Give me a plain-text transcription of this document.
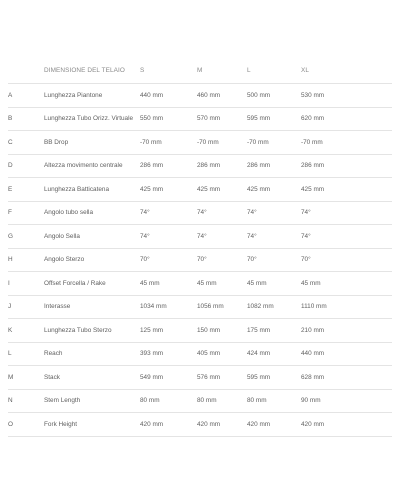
	DIMENSIONE DEL TELAIO	S	M	L	XL
A	Lunghezza Piantone	440 mm	460 mm	500 mm	530 mm
B	Lunghezza Tubo Orizz. Virtuale	550 mm	570 mm	595 mm	620 mm
C	BB Drop	-70 mm	-70 mm	-70 mm	-70 mm
D	Altezza movimento centrale	286 mm	286 mm	286 mm	286 mm
E	Lunghezza Batticatena	425 mm	425 mm	425 mm	425 mm
F	Angolo tubo sella	74°	74°	74°	74°
G	Angolo Sella	74°	74°	74°	74°
H	Angolo Sterzo	70°	70°	70°	70°
I	Offset Forcella / Rake	45 mm	45 mm	45 mm	45 mm
J	Interasse	1034 mm	1056 mm	1082 mm	1110 mm
K	Lunghezza Tubo Sterzo	125 mm	150 mm	175 mm	210 mm
L	Reach	393 mm	405 mm	424 mm	440 mm
M	Stack	549 mm	576 mm	595 mm	628 mm
N	Stem Length	80 mm	80 mm	80 mm	90 mm
O	Fork Height	420 mm	420 mm	420 mm	420 mm
